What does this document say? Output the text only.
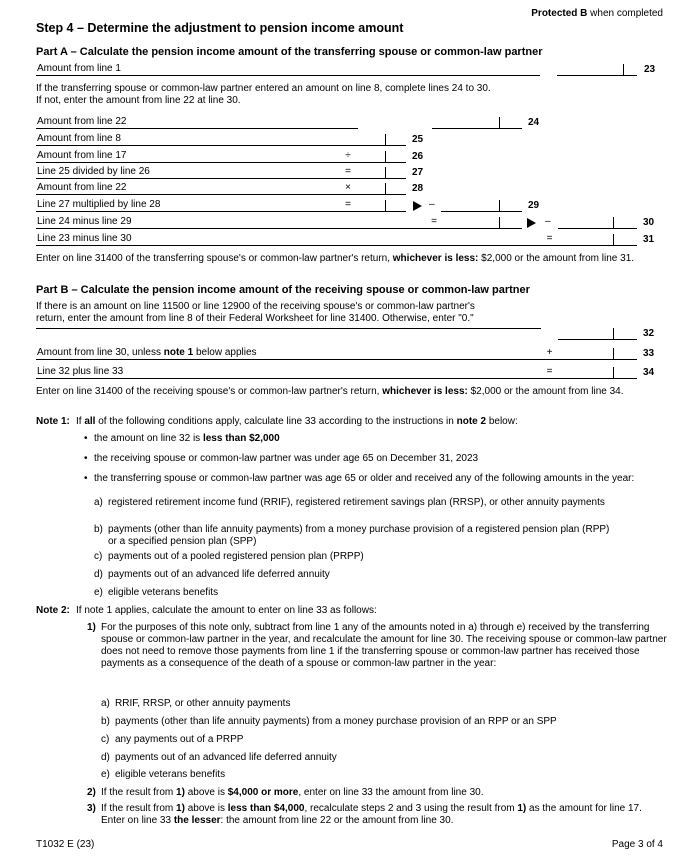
Protected B when completed
Step 4 – Determine the adjustment to pension income amount
Part A – Calculate the pension income amount of the transferring spouse or common-law partner
Amount from line 1	23
If the transferring spouse or common-law partner entered an amount on line 8, complete lines 24 to 30.
If not, enter the amount from line 22 at line 30.
Amount from line 22	24
Amount from line 8	25
Amount from line 17	÷	26
Line 25 divided by line 26	=	27
Amount from line 22	×	28
Line 27 multiplied by line 28	=	–	29
Line 24 minus line 29	=	–	30
Line 23 minus line 30	=	31
Enter on line 31400 of the transferring spouse's or common-law partner's return, whichever is less: $2,000 or the amount from line 31.
Part B – Calculate the pension income amount of the receiving spouse or common-law partner
If there is an amount on line 11500 or line 12900 of the receiving spouse's or common-law partner's return, enter the amount from line 8 of their Federal Worksheet for line 31400. Otherwise, enter "0."
32
Amount from line 30, unless note 1 below applies	+	33
Line 32 plus line 33	=	34
Enter on line 31400 of the receiving spouse's or common-law partner's return, whichever is less: $2,000 or the amount from line 34.
Note 1: If all of the following conditions apply, calculate line 33 according to the instructions in note 2 below:
• the amount on line 32 is less than $2,000
• the receiving spouse or common-law partner was under age 65 on December 31, 2023
• the transferring spouse or common-law partner was age 65 or older and received any of the following amounts in the year:
a) registered retirement income fund (RRIF), registered retirement savings plan (RRSP), or other annuity payments
b) payments (other than life annuity payments) from a money purchase provision of a registered pension plan (RPP) or a specified pension plan (SPP)
c) payments out of a pooled registered pension plan (PRPP)
d) payments out of an advanced life deferred annuity
e) eligible veterans benefits
Note 2: If note 1 applies, calculate the amount to enter on line 33 as follows:
1) For the purposes of this note only, subtract from line 1 any of the amounts noted in a) through e) received by the transferring spouse or common-law partner in the year, and recalculate the amount for line 30. The receiving spouse or common-law partner does not need to remove those payments from line 1 if the transferring spouse or common-law partner has received those payments as a consequence of the death of a spouse or common-law partner in the year:
a) RRIF, RRSP, or other annuity payments
b) payments (other than life annuity payments) from a money purchase provision of an RPP or an SPP
c) any payments out of a PRPP
d) payments out of an advanced life deferred annuity
e) eligible veterans benefits
2) If the result from 1) above is $4,000 or more, enter on line 33 the amount from line 30.
3) If the result from 1) above is less than $4,000, recalculate steps 2 and 3 using the result from 1) as the amount for line 17. Enter on line 33 the lesser: the amount from line 22 or the amount from line 30.
T1032 E (23)	Page 3 of 4
